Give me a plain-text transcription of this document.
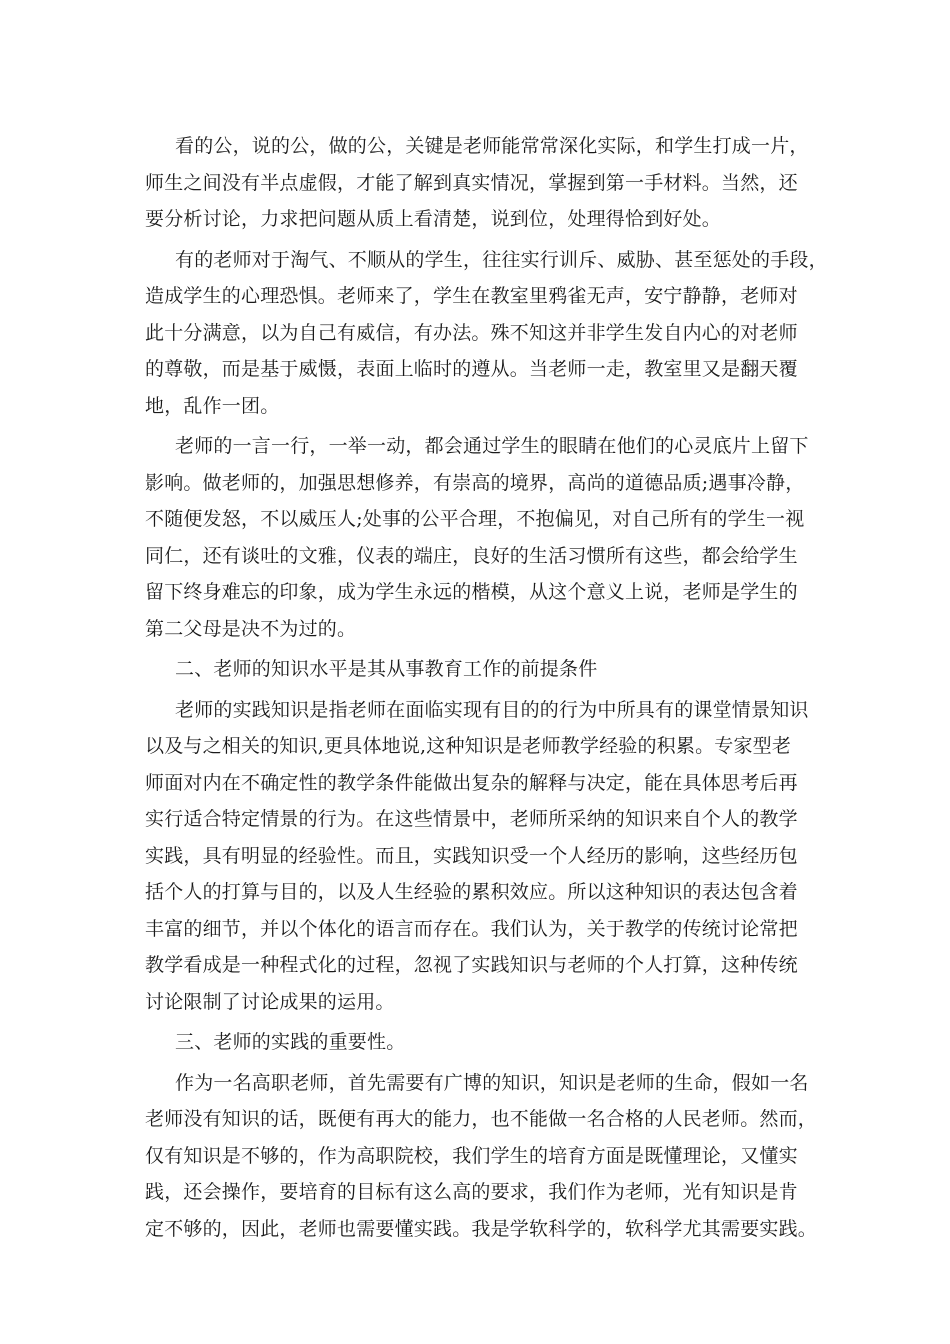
看的公，说的公，做的公，关键是老师能常常深化实际，和学生打成一片，
师生之间没有半点虚假，才能了解到真实情况，掌握到第一手材料。当然，还
要分析讨论，力求把问题从质上看清楚，说到位，处理得恰到好处。

有的老师对于淘气、不顺从的学生，往往实行训斥、威胁、甚至惩处的手段，
造成学生的心理恐惧。老师来了，学生在教室里鸦雀无声，安宁静静，老师对
此十分满意，以为自己有威信，有办法。殊不知这并非学生发自内心的对老师
的尊敬，而是基于威慑，表面上临时的遵从。当老师一走，教室里又是翻天覆
地，乱作一团。

老师的一言一行，一举一动，都会通过学生的眼睛在他们的心灵底片上留下
影响。做老师的，加强思想修养，有崇高的境界，高尚的道德品质;遇事冷静，
不随便发怒，不以威压人;处事的公平合理，不抱偏见，对自己所有的学生一视
同仁，还有谈吐的文雅，仪表的端庄，良好的生活习惯所有这些，都会给学生
留下终身难忘的印象，成为学生永远的楷模，从这个意义上说，老师是学生的
第二父母是决不为过的。

二、老师的知识水平是其从事教育工作的前提条件

老师的实践知识是指老师在面临实现有目的的行为中所具有的课堂情景知识
以及与之相关的知识,更具体地说,这种知识是老师教学经验的积累。专家型老
师面对内在不确定性的教学条件能做出复杂的解释与决定，能在具体思考后再
实行适合特定情景的行为。在这些情景中，老师所采纳的知识来自个人的教学
实践，具有明显的经验性。而且，实践知识受一个人经历的影响，这些经历包
括个人的打算与目的，以及人生经验的累积效应。所以这种知识的表达包含着
丰富的细节，并以个体化的语言而存在。我们认为，关于教学的传统讨论常把
教学看成是一种程式化的过程，忽视了实践知识与老师的个人打算，这种传统
讨论限制了讨论成果的运用。

三、老师的实践的重要性。

作为一名高职老师，首先需要有广博的知识，知识是老师的生命，假如一名
老师没有知识的话，既便有再大的能力，也不能做一名合格的人民老师。然而，
仅有知识是不够的，作为高职院校，我们学生的培育方面是既懂理论，又懂实
践，还会操作，要培育的目标有这么高的要求，我们作为老师，光有知识是肯
定不够的，因此，老师也需要懂实践。我是学软科学的，软科学尤其需要实践。
